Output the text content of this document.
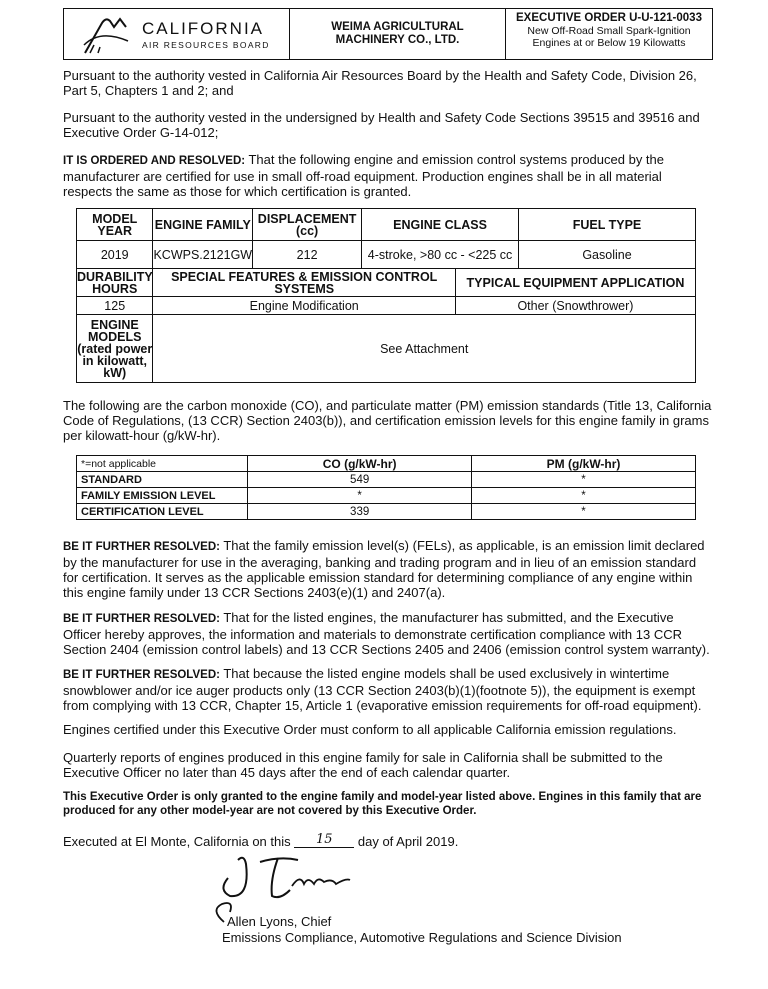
CALIFORNIA
AIR RESOURCES BOARD
WEIMA AGRICULTURAL MACHINERY CO., LTD.
EXECUTIVE ORDER U-U-121-0033
New Off-Road Small Spark-Ignition
Engines at or Below 19 Kilowatts
Pursuant to the authority vested in California Air Resources Board by the Health and Safety Code, Division 26, Part 5, Chapters 1 and 2; and
Pursuant to the authority vested in the undersigned by Health and Safety Code Sections 39515 and 39516 and Executive Order G-14-012;
IT IS ORDERED AND RESOLVED: That the following engine and emission control systems produced by the manufacturer are certified for use in small off-road equipment. Production engines shall be in all material respects the same as those for which certification is granted.
MODEL YEAR	ENGINE FAMILY	DISPLACEMENT (cc)	ENGINE CLASS		FUEL TYPE
2019	KCWPS.2121GW	212	4-stroke, >80 cc - <225 cc		Gasoline
DURABILITY HOURS	SPECIAL FEATURES & EMISSION CONTROL SYSTEMS			TYPICAL EQUIPMENT APPLICATION	
125	Engine Modification			Other (Snowthrower)	
ENGINE MODELS (rated power in kilowatt, kW)	See Attachment				
The following are the carbon monoxide (CO), and particulate matter (PM) emission standards (Title 13, California Code of Regulations, (13 CCR) Section 2403(b)), and certification emission levels for this engine family in grams per kilowatt-hour (g/kW-hr).
*=not applicable	CO (g/kW-hr)	PM (g/kW-hr)
STANDARD	549	*
FAMILY EMISSION LEVEL	*	*
CERTIFICATION LEVEL	339	*
BE IT FURTHER RESOLVED: That the family emission level(s) (FELs), as applicable, is an emission limit declared by the manufacturer for use in the averaging, banking and trading program and in lieu of an emission standard for certification. It serves as the applicable emission standard for determining compliance of any engine within this engine family under 13 CCR Sections 2403(e)(1) and 2407(a).
BE IT FURTHER RESOLVED: That for the listed engines, the manufacturer has submitted, and the Executive Officer hereby approves, the information and materials to demonstrate certification compliance with 13 CCR Section 2404 (emission control labels) and 13 CCR Sections 2405 and 2406 (emission control system warranty).
BE IT FURTHER RESOLVED: That because the listed engine models shall be used exclusively in wintertime snowblower and/or ice auger products only (13 CCR Section 2403(b)(1)(footnote 5)), the equipment is exempt from complying with 13 CCR, Chapter 15, Article 1 (evaporative emission requirements for off-road equipment).
Engines certified under this Executive Order must conform to all applicable California emission regulations.
Quarterly reports of engines produced in this engine family for sale in California shall be submitted to the Executive Officer no later than 45 days after the end of each calendar quarter.
This Executive Order is only granted to the engine family and model-year listed above. Engines in this family that are produced for any other model-year are not covered by this Executive Order.
Executed at El Monte, California on this 15 day of April 2019.
Allen Lyons, Chief
Emissions Compliance, Automotive Regulations and Science Division
